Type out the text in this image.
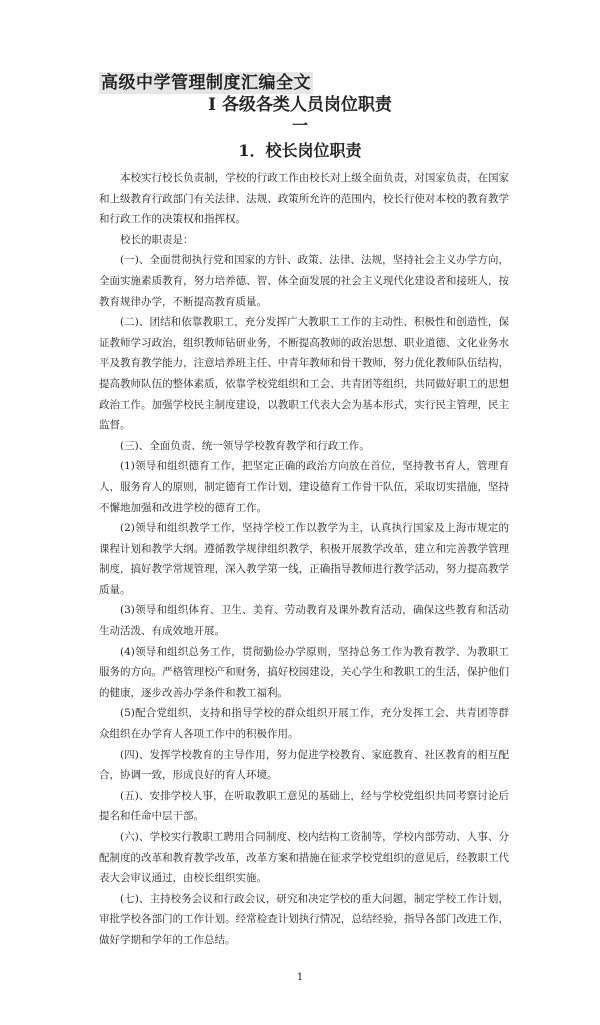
高级中学管理制度汇编全文
Ⅰ 各级各类人员岗位职责
一
1．校长岗位职责

本校实行校长负责制，学校的行政工作由校长对上级全面负责，对国家负责，在国家和上级教育行政部门有关法律、法规、政策所允许的范围内，校长行使对本校的教育教学和行政工作的决策权和指挥权。

校长的职责是：

(一)、全面贯彻执行党和国家的方针、政策、法律、法规，坚持社会主义办学方向，全面实施素质教育，努力培养德、智、体全面发展的社会主义现代化建设者和接班人，按教育规律办学，不断提高教育质量。

(二)、团结和依靠教职工，充分发挥广大教职工工作的主动性、积极性和创造性，保证教师学习政治，组织教师钻研业务，不断提高教师的政治思想、职业道德、文化业务水平及教育教学能力，注意培养班主任、中青年教师和骨干教师，努力优化教师队伍结构，提高教师队伍的整体素质，依靠学校党组织和工会、共青团等组织，共同做好职工的思想政治工作。加强学校民主制度建设，以教职工代表大会为基本形式，实行民主管理，民主监督。

(三)、全面负责、统一领导学校教育教学和行政工作。

(1)领导和组织德育工作，把坚定正确的政治方向放在首位，坚持教书育人，管理育人，服务育人的原则，制定德育工作计划，建设德育工作骨干队伍，采取切实措施，坚持不懈地加强和改进学校的德育工作。

(2)领导和组织教学工作，坚持学校工作以教学为主，认真执行国家及上海市规定的课程计划和教学大纲。遵循教学规律组织教学，积极开展教学改革，建立和完善教学管理制度，搞好教学常规管理，深入教学第一线，正确指导教师进行教学活动，努力提高教学质量。

(3)领导和组织体育、卫生、美育、劳动教育及课外教育活动，确保这些教育和活动生动活泼、有成效地开展。

(4)领导和组织总务工作，贯彻勤俭办学原则，坚持总务工作为教育教学、为教职工服务的方向。严格管理校产和财务，搞好校园建设，关心学生和教职工的生活，保护他们的健康，逐步改善办学条件和教工福利。

(5)配合党组织，支持和指导学校的群众组织开展工作，充分发挥工会、共青团等群众组织在办学育人各项工作中的积极作用。

(四)、发挥学校教育的主导作用，努力促进学校教育、家庭教育、社区教育的相互配合，协调一致，形成良好的育人环境。

(五)、安排学校人事，在听取教职工意见的基础上，经与学校党组织共同考察讨论后提名和任命中层干部。

(六)、学校实行教职工聘用合同制度、校内结构工资制等，学校内部劳动、人事、分配制度的改革和教育教学改革，改革方案和措施在征求学校党组织的意见后，经教职工代表大会审议通过，由校长组织实施。

(七)、主持校务会议和行政会议，研究和决定学校的重大问题，制定学校工作计划，审批学校各部门的工作计划。经常检查计划执行情况，总结经验，指导各部门改进工作，做好学期和学年的工作总结。

1
